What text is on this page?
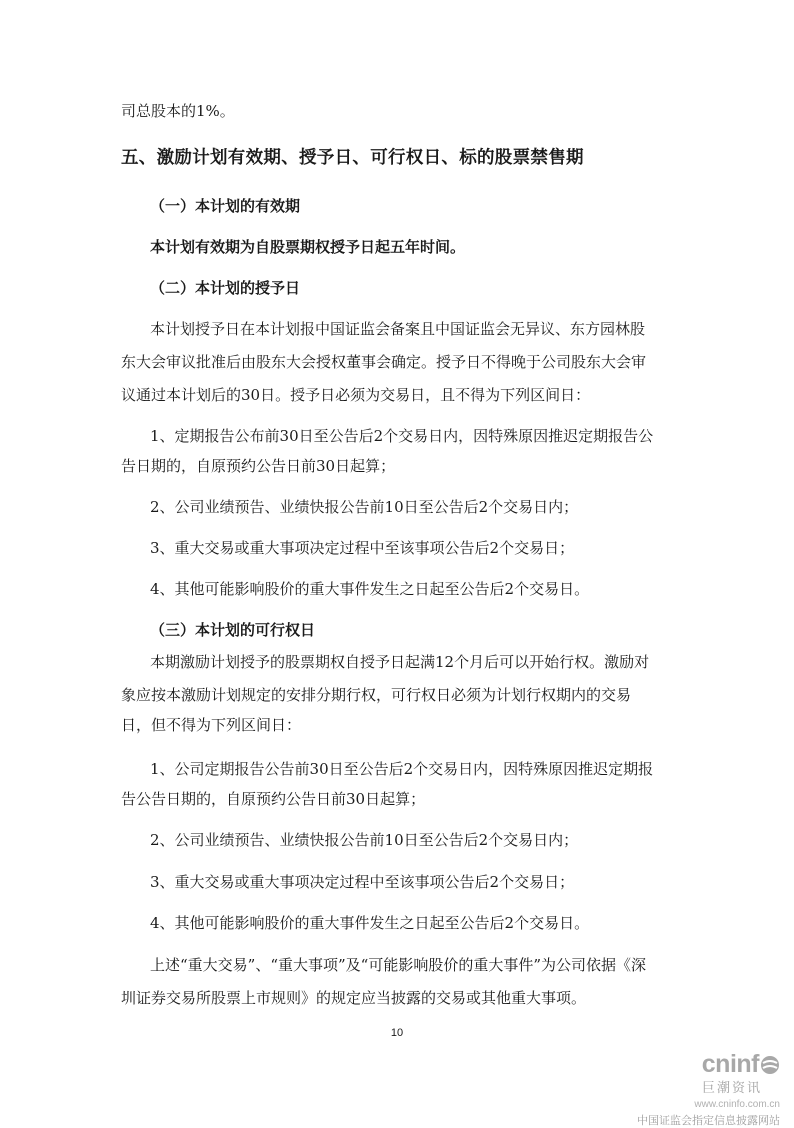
司总股本的1%。
五、激励计划有效期、授予日、可行权日、标的股票禁售期
（一）本计划的有效期
本计划有效期为自股票期权授予日起五年时间。
（二）本计划的授予日
本计划授予日在本计划报中国证监会备案且中国证监会无异议、东方园林股
东大会审议批准后由股东大会授权董事会确定。授予日不得晚于公司股东大会审
议通过本计划后的30日。授予日必须为交易日，且不得为下列区间日：
1、定期报告公布前30日至公告后2个交易日内，因特殊原因推迟定期报告公
告日期的，自原预约公告日前30日起算；
2、公司业绩预告、业绩快报公告前10日至公告后2个交易日内；
3、重大交易或重大事项决定过程中至该事项公告后2个交易日；
4、其他可能影响股价的重大事件发生之日起至公告后2个交易日。
（三）本计划的可行权日
本期激励计划授予的股票期权自授予日起满12个月后可以开始行权。激励对
象应按本激励计划规定的安排分期行权，可行权日必须为计划行权期内的交易
日，但不得为下列区间日：
1、公司定期报告公告前30日至公告后2个交易日内，因特殊原因推迟定期报
告公告日期的，自原预约公告日前30日起算；
2、公司业绩预告、业绩快报公告前10日至公告后2个交易日内；
3、重大交易或重大事项决定过程中至该事项公告后2个交易日；
4、其他可能影响股价的重大事件发生之日起至公告后2个交易日。
上述“重大交易”、“重大事项”及“可能影响股价的重大事件”为公司依据《深
圳证券交易所股票上市规则》的规定应当披露的交易或其他重大事项。
10
cninf
巨潮资讯
www.cninfo.com.cn
中国证监会指定信息披露网站
